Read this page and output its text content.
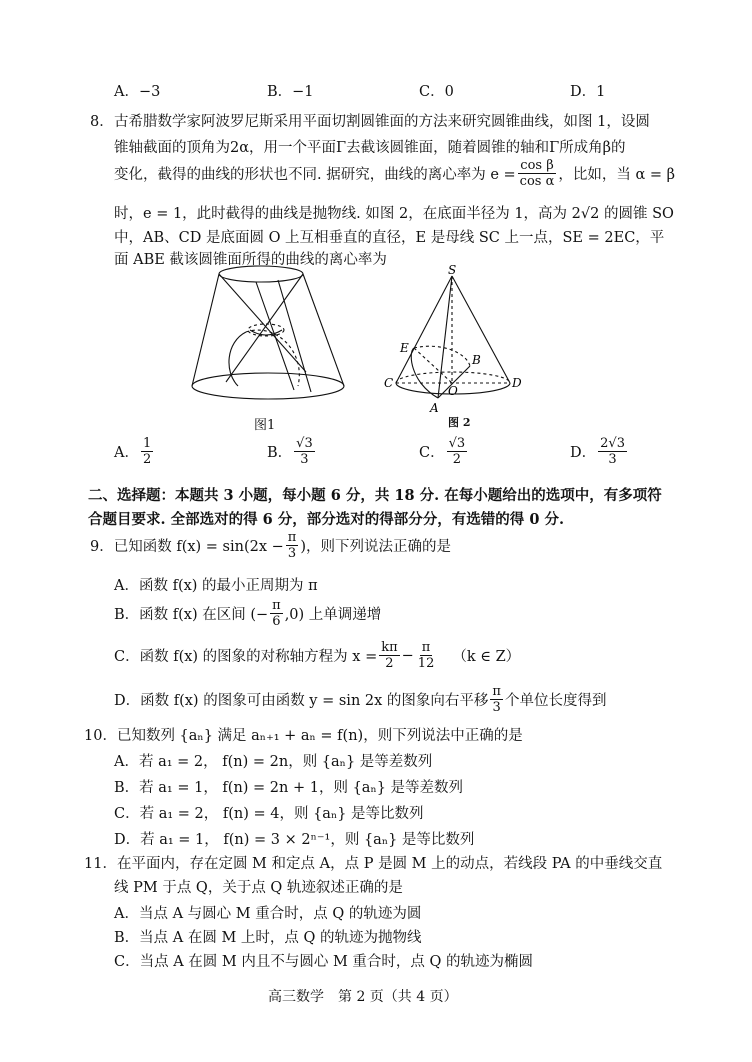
A．−3	B．−1	C．0	D．1
8． 古希腊数学家阿波罗尼斯采用平面切割圆锥面的方法来研究圆锥曲线，如图 1，设圆
锥轴截面的顶角为2α，用一个平面Γ去截该圆锥面，随着圆锥的轴和Γ所成角β的
变化，截得的曲线的形状也不同. 据研究，曲线的离心率为 $e = \frac{\text{cos β}}{\text{cos α}}$ ，比如，当 α = β
时，e = 1，此时截得的曲线是抛物线. 如图 2，在底面半径为 1，高为 2√2 的圆锥 SO
中，AB、CD 是底面圆 O 上互相垂直的直径，E 是母线 SC 上一点，SE = 2EC，平
面 ABE 截该圆锥面所得的曲线的离心率为
图1
S
E
B
C
O
D
A
图 2
A． $\frac{1}{2}$	B． $\frac{√3}{3}$	C． $\frac{√3}{2}$	D． $\frac{2√3}{3}$
二、选择题：本题共 3 小题，每小题 6 分，共 18 分. 在每小题给出的选项中，有多项符
合题目要求. 全部选对的得 6 分，部分选对的得部分分，有选错的得 0 分.
9．已知函数 $f(x) = \sin(2x - \frac{\pi}{3}$ )，则下列说法正确的是
A．函数 f(x) 的最小正周期为 π
B．函数 f(x) 在区间 (− $\frac{\pi}{6} ,0$) 上单调递增
C．函数 f(x) 的图象的对称轴方程为 $x = \frac{k\pi}{2} - \frac{\pi}{12} (k$ ∈ Z）
D．函数 f(x) 的图象可由函数 y = sin 2x 的图象向右平移 $\frac{\pi}{3}$ 个单位长度得到
10．已知数列 {aₙ} 满足 aₙ₊₁ + aₙ = f(n)，则下列说法中正确的是
A．若 a₁ = 2， f(n) = 2n，则 {aₙ} 是等差数列
B．若 a₁ = 1， f(n) = 2n + 1，则 {aₙ} 是等差数列
C．若 a₁ = 2， f(n) = 4，则 {aₙ} 是等比数列
D．若 a₁ = 1， f(n) = 3 × 2ⁿ⁻¹，则 {aₙ} 是等比数列
11．在平面内，存在定圆 M 和定点 A，点 P 是圆 M 上的动点，若线段 PA 的中垂线交直
线 PM 于点 Q，关于点 Q 轨迹叙述正确的是
A．当点 A 与圆心 M 重合时，点 Q 的轨迹为圆
B．当点 A 在圆 M 上时，点 Q 的轨迹为抛物线
C．当点 A 在圆 M 内且不与圆心 M 重合时，点 Q 的轨迹为椭圆
高三数学　第 2 页（共 4 页）
